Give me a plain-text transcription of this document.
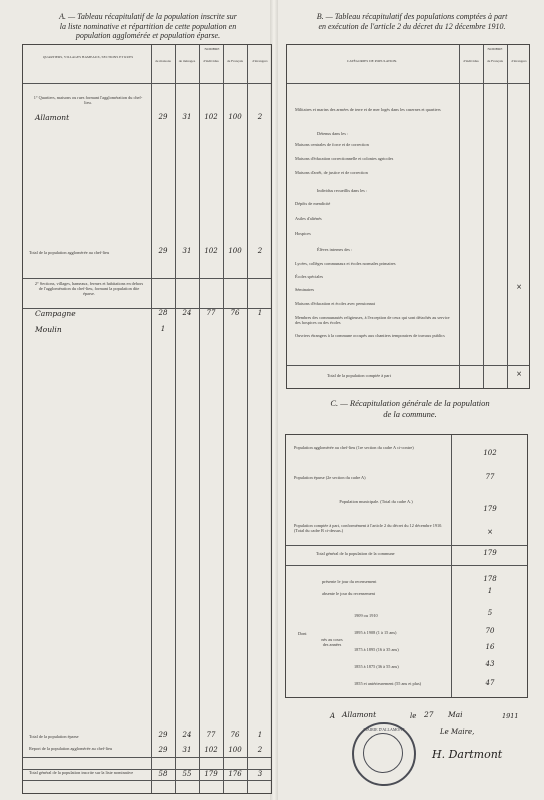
A. — Tableau récapitulatif de la population inscrite sur
la liste nominative et répartition de cette population en
population agglomérée et population éparse.
QUARTIERS, VILLAGES HAMEAUX, SECTIONS ET RUES
NOMBRE
de maisons	de ménages	d'individus	de Français	d'étrangers
1° Quartiers, maisons ou rues formant l'agglomération du chef-lieu.
Allamont	29	31	102	100	2
Total de la population agglomérée au chef-lieu	29	31	102	100	2
2° Sections, villages, hameaux, fermes et habitations en dehors de l'agglomération du chef-lieu, formant la population dite éparse.
Campagne	28	24	77	76	1
Moulin	1
Total de la population éparse	29	24	77	76	1
Report de la population agglomérée au chef-lieu	29	31	102	100	2
Total général de la population inscrite sur la liste nominative	58	55	179	176	3
B. — Tableau récapitulatif des populations comptées à part
en exécution de l'article 2 du décret du 12 décembre 1910.
CATÉGORIES DE POPULATION.
NOMBRE
d'individus	de Français	d'étrangers
Militaires et marins des armées de terre et de mer logés dans les casernes et quartiers
Détenus dans les :
Maisons centrales de force et de correction
Maisons d'éducation correctionnelle et colonies agricoles
Maisons d'arrêt, de justice et de correction
Individus recueillis dans les :
Dépôts de mendicité
Asiles d'aliénés
Hospices
Élèves internes des :
Lycées, collèges communaux et écoles normales primaires
Écoles spéciales
Séminaires
Maisons d'éducation et écoles avec pensionnat
Membres des communautés religieuses, à l'exception de ceux qui sont détachés au service des hospices ou des écoles
Ouvriers étrangers à la commune occupés aux chantiers temporaires de travaux publics
×
Total de la population comptée à part	×
C. — Récapitulation générale de la population
de la commune.
Population agglomérée au chef-lieu (1re section du cadre A ci-contre)
102
Population éparse (2e section du cadre A)	77
Population municipale. (Total du cadre A.)
179
Population comptée à part, conformément à l'article 2 du décret du 12 décembre 1910. (Total du cadre B ci-dessus.)	×
Total général de la population de la commune	179
présente le jour du recensement	178
absente le jour du recensement	1
Dont
nés au cours des années
1909 ou 1910	5
1895 à 1908 (1 à 15 ans)	70
1875 à 1895 (16 à 35 ans)	16
1855 à 1875 (36 à 55 ans)	43
1855 et antérieurement (55 ans et plus)	47
A Allamont	le 27 Mai	1911
Le Maire,
H. Dartmont
MAIRIE D'ALLAMONT
